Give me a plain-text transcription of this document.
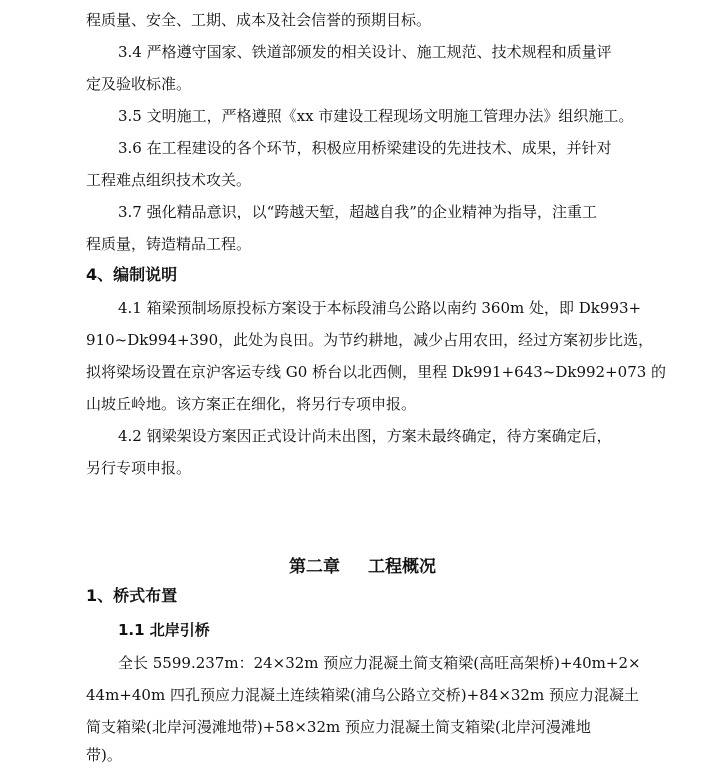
程质量、安全、工期、成本及社会信誉的预期目标。
3.4 严格遵守国家、铁道部颁发的相关设计、施工规范、技术规程和质量评
定及验收标准。
3.5 文明施工，严格遵照《xx 市建设工程现场文明施工管理办法》组织施工。
3.6 在工程建设的各个环节，积极应用桥梁建设的先进技术、成果，并针对
工程难点组织技术攻关。
3.7 强化精品意识，以“跨越天堑，超越自我”的企业精神为指导，注重工
程质量，铸造精品工程。
4、编制说明
4.1 箱梁预制场原投标方案设于本标段浦乌公路以南约 360m 处，即 Dk993+
910~Dk994+390，此处为良田。为节约耕地，减少占用农田，经过方案初步比选，
拟将梁场设置在京沪客运专线 G0 桥台以北西侧，里程 Dk991+643~Dk992+073 的
山坡丘岭地。该方案正在细化，将另行专项申报。
4.2 钢梁架设方案因正式设计尚未出图，方案未最终确定，待方案确定后，
另行专项申报。
第二章 工程概况
1、桥式布置
1.1 北岸引桥
全长 5599.237m：24×32m 预应力混凝土简支箱梁(高旺高架桥)+40m+2×
44m+40m 四孔预应力混凝土连续箱梁(浦乌公路立交桥)+84×32m 预应力混凝土
简支箱梁(北岸河漫滩地带)+58×32m 预应力混凝土简支箱梁(北岸河漫滩地
带)。
